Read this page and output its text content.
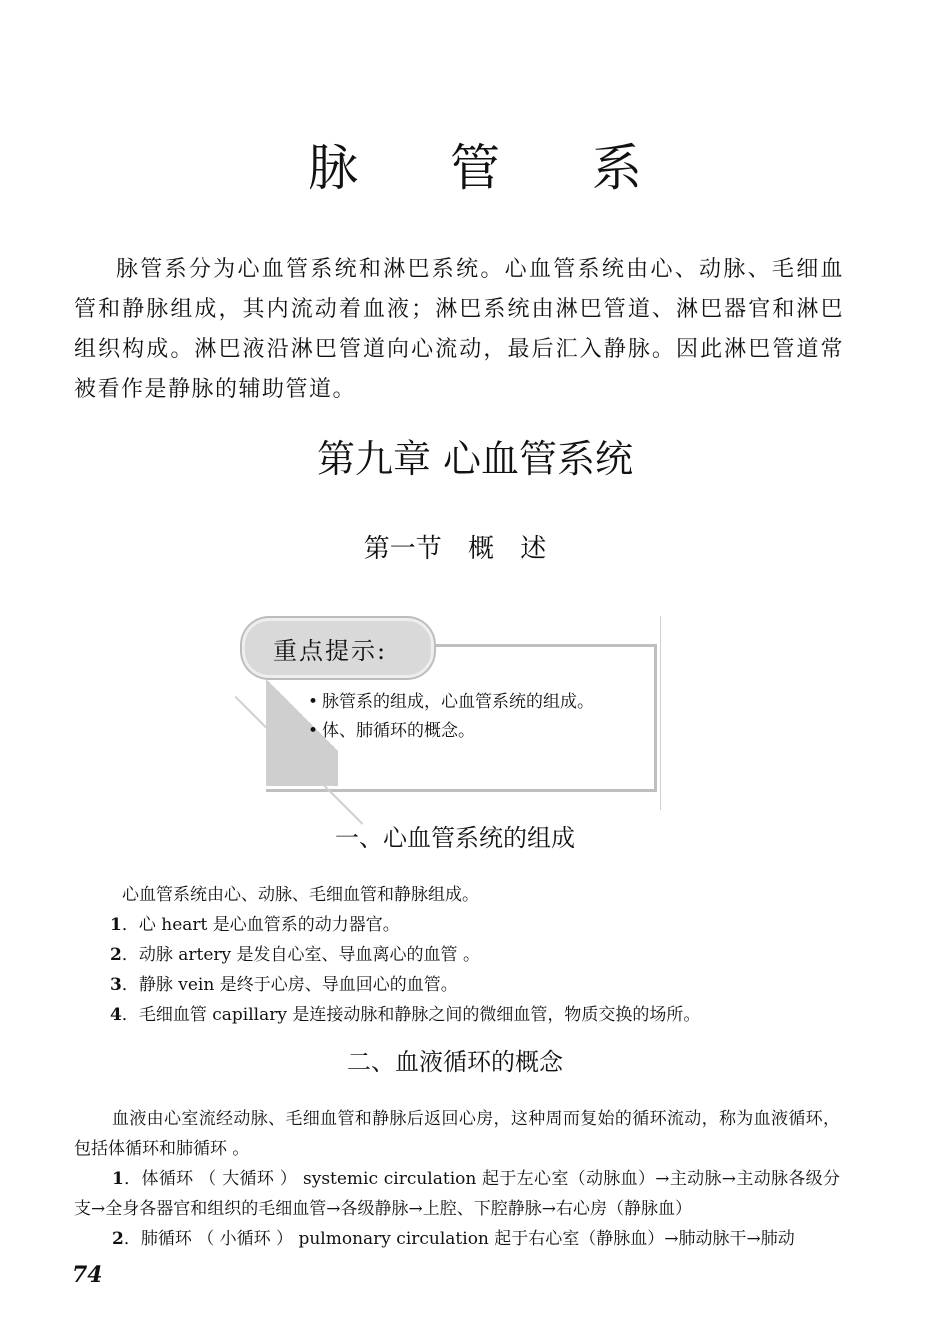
脉 管 系

脉管系分为心血管系统和淋巴系统。心血管系统由心、动脉、毛细血管和静脉组成，其内流动着血液；淋巴系统由淋巴管道、淋巴器官和淋巴组织构成。淋巴液沿淋巴管道向心流动，最后汇入静脉。因此淋巴管道常被看作是静脉的辅助管道。

第九章 心血管系统
第一节 概 述
重点提示:
• 脉管系的组成，心血管系统的组成。
• 体、肺循环的概念。
一、心血管系统的组成

心血管系统由心、动脉、毛细血管和静脉组成。

1．心 heart 是心血管系的动力器官。

2．动脉 artery 是发自心室、导血离心的血管 。

3．静脉 vein 是终于心房、导血回心的血管。

4．毛细血管 capillary 是连接动脉和静脉之间的微细血管，物质交换的场所。

二、血液循环的概念

血液由心室流经动脉、毛细血管和静脉后返回心房，这种周而复始的循环流动，称为血液循环，包括体循环和肺循环 。

1．体循环 （ 大循环 ） systemic circulation 起于左心室（动脉血）→主动脉→主动脉各级分支→全身各器官和组织的毛细血管→各级静脉→上腔、下腔静脉→右心房（静脉血）

2．肺循环 （ 小循环 ） pulmonary circulation 起于右心室（静脉血）→肺动脉干→肺动

74
